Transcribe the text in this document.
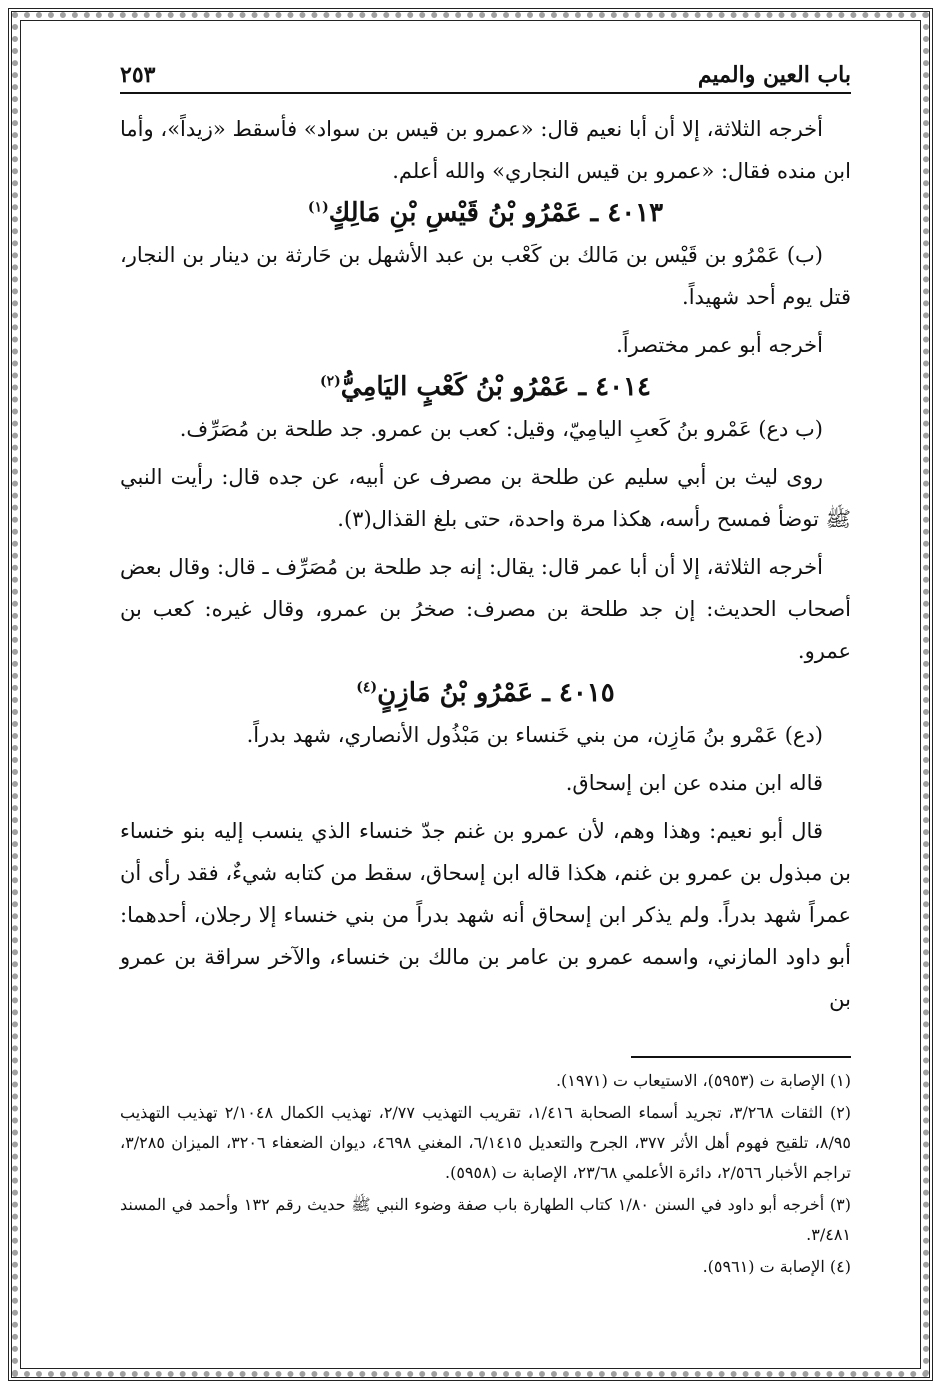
باب العين والميم
٢٥٣

أخرجه الثلاثة، إلا أن أبا نعيم قال: «عمرو بن قيس بن سواد» فأسقط «زيداً»، وأما ابن منده فقال: «عمرو بن قيس النجاري» والله أعلم.

٤٠١٣ ـ عَمْرُو بْنُ قَيْسِ بْنِ مَالِكٍ$^{(١)}$

(ب) عَمْرُو بن قَيْس بن مَالك بن كَعْب بن عبد الأشهل بن حَارثة بن دينار بن النجار، قتل يوم أحد شهيداً.

أخرجه أبو عمر مختصراً.

٤٠١٤ ـ عَمْرُو بْنُ كَعْبٍ اليَامِيُّ$^{(٢)}$

(ب دع) عَمْرو بنُ كَعبِ اليامِيّ، وقيل: كعب بن عمرو. جد طلحة بن مُصَرِّف.

روى ليث بن أبي سليم عن طلحة بن مصرف عن أبيه، عن جده قال: رأيت النبي ﷺ توضأ فمسح رأسه، هكذا مرة واحدة، حتى بلغ القذال(٣).

أخرجه الثلاثة، إلا أن أبا عمر قال: يقال: إنه جد طلحة بن مُصَرِّف ـ قال: وقال بعض أصحاب الحديث: إن جد طلحة بن مصرف: صخرُ بن عمرو، وقال غيره: كعب بن عمرو.

٤٠١٥ ـ عَمْرُو بْنُ مَازِنٍ$^{(٤)}$

(دع) عَمْرو بنُ مَازِن، من بني خَنساء بن مَبْذُول الأنصاري، شهد بدراً.

قاله ابن منده عن ابن إسحاق.

قال أبو نعيم: وهذا وهم، لأن عمرو بن غنم جدّ خنساء الذي ينسب إليه بنو خنساء بن مبذول بن عمرو بن غنم، هكذا قاله ابن إسحاق، سقط من كتابه شيءٌ، فقد رأى أن عمراً شهد بدراً. ولم يذكر ابن إسحاق أنه شهد بدراً من بني خنساء إلا رجلان، أحدهما: أبو داود المازني، واسمه عمرو بن عامر بن مالك بن خنساء، والآخر سراقة بن عمرو بن

(١) الإصابة ت (٥٩٥٣)، الاستيعاب ت (١٩٧١).

(٢) الثقات ٣/٢٦٨، تجريد أسماء الصحابة ١/٤١٦، تقريب التهذيب ٢/٧٧، تهذيب الكمال ٢/١٠٤٨ تهذيب التهذيب ٨/٩٥، تلقيح فهوم أهل الأثر ٣٧٧، الجرح والتعديل ٦/١٤١٥، المغني ٤٦٩٨، ديوان الضعفاء ٣٢٠٦، الميزان ٣/٢٨٥، تراجم الأخبار ٢/٥٦٦، دائرة الأعلمي ٢٣/٦٨، الإصابة ت (٥٩٥٨).

(٣) أخرجه أبو داود في السنن ١/٨٠ كتاب الطهارة باب صفة وضوء النبي ﷺ حديث رقم ١٣٢ وأحمد في المسند ٣/٤٨١.

(٤) الإصابة ت (٥٩٦١).
